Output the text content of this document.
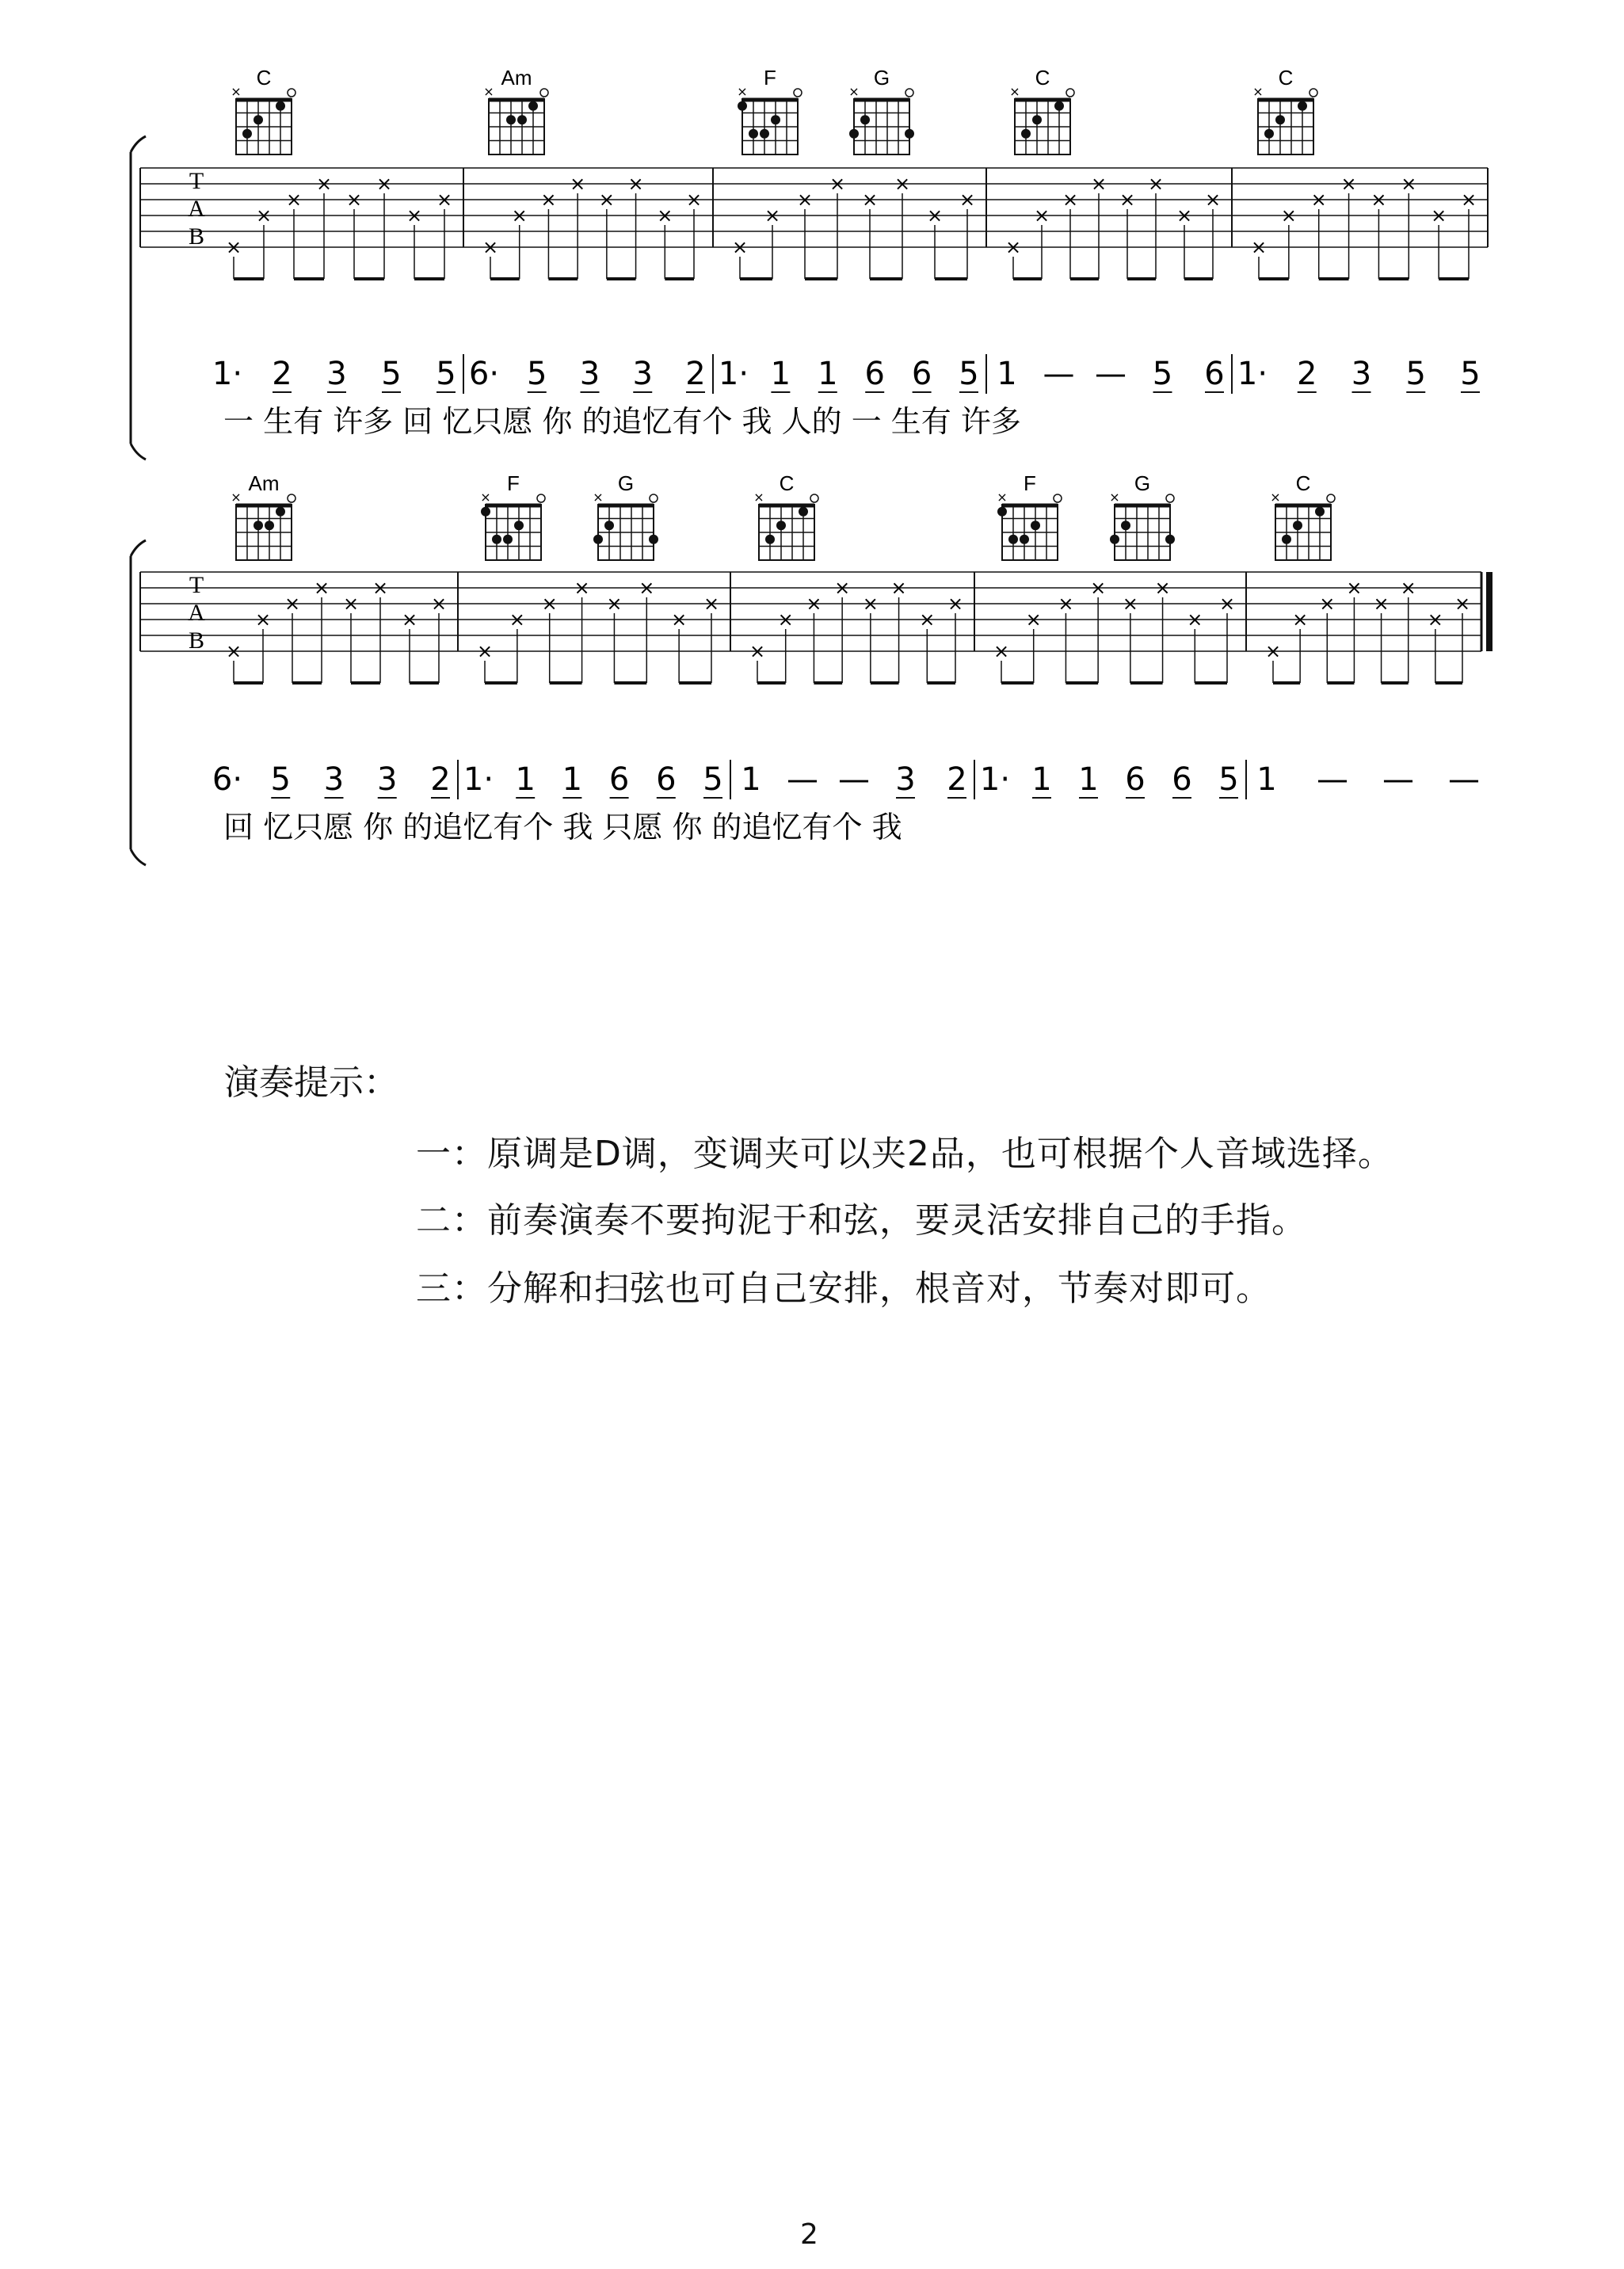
T
A
B ×
×
×
×
×
×
×
×
×
×
×
×
×
×
×
×
×
×
×
×
×
×
×
×
×
×
×
×
×
×
×
×
×
×
×
×
×
×
×
×
C
×
Am
×
F
×
G
×
C
×
C
×
1· 2 3 5 5 6· 5 3 3 2 1· 1 1 6 6 5 1 — — 5 6 1· 2 3 5 5
一 生有 许多 回 忆只愿 你 的追忆有个 我 人的 一 生有 许多
T
A
B ×
×
×
×
×
×
×
×
×
×
×
×
×
×
×
×
×
×
×
×
×
×
×
×
×
×
×
×
×
×
×
×
×
×
×
×
×
×
×
×
Am
×
F
×
G
×
C
×
F
×
G
×
C
×
6· 5 3 3 2 1· 1 1 6 6 5 1 — — 3 2 1· 1 1 6 6 5 1 — — —
回 忆只愿 你 的追忆有个 我 只愿 你 的追忆有个 我
演奏提示：
一：原调是D调，变调夹可以夹2品，也可根据个人音域选择。
二：前奏演奏不要拘泥于和弦，要灵活安排自己的手指。
三：分解和扫弦也可自己安排，根音对，节奏对即可。
2
